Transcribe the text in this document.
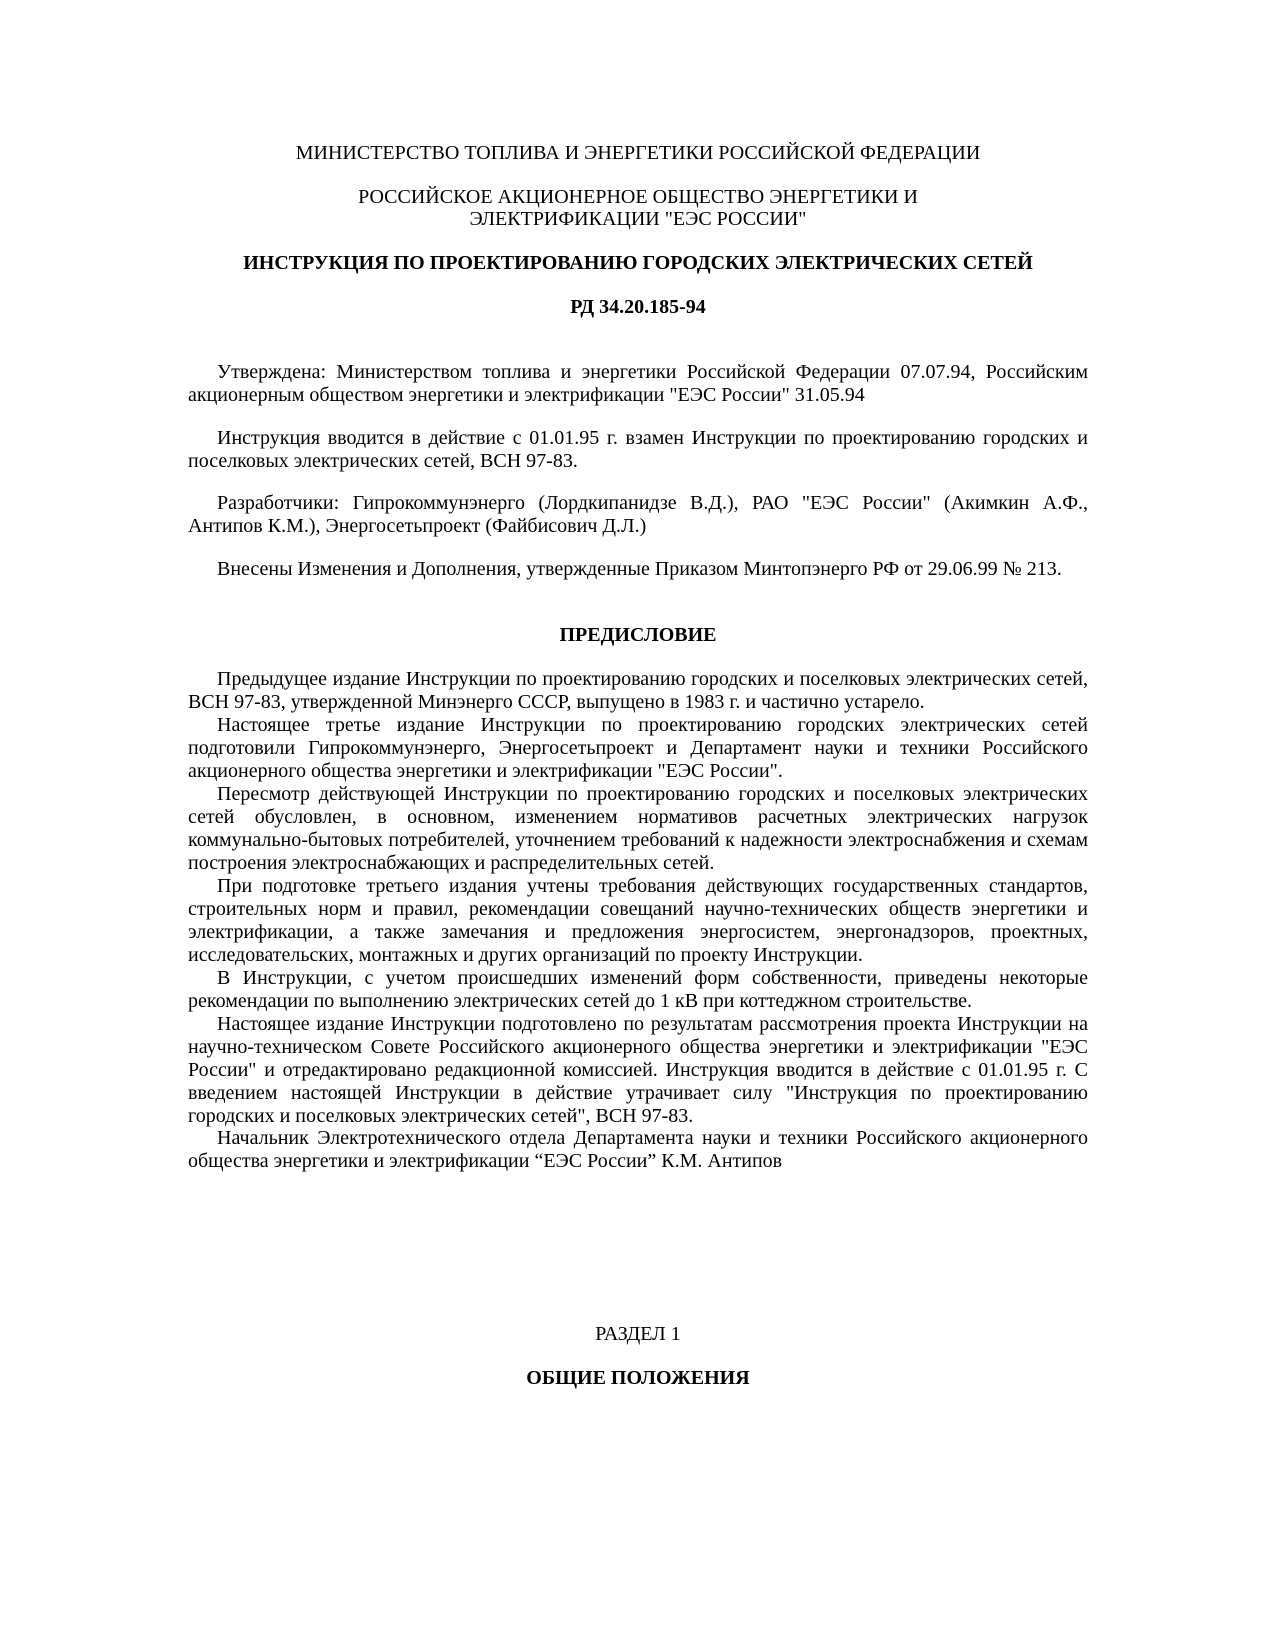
МИНИСТЕРСТВО ТОПЛИВА И ЭНЕРГЕТИКИ РОССИЙСКОЙ ФЕДЕРАЦИИ
РОССИЙСКОЕ АКЦИОНЕРНОЕ ОБЩЕСТВО ЭНЕРГЕТИКИ И
ЭЛЕКТРИФИКАЦИИ "ЕЭС РОССИИ"
ИНСТРУКЦИЯ ПО ПРОЕКТИРОВАНИЮ ГОРОДСКИХ ЭЛЕКТРИЧЕСКИХ СЕТЕЙ
РД 34.20.185-94

Утверждена: Министерством топлива и энергетики Российской Федерации 07.07.94, Российским акционерным обществом энергетики и электрификации "ЕЭС России" 31.05.94

Инструкция вводится в действие с 01.01.95 г. взамен Инструкции по проектированию городских и поселковых электрических сетей, ВСН 97-83.

Разработчики: Гипрокоммунэнерго (Лордкипанидзе В.Д.), РАО "ЕЭС России" (Акимкин А.Ф., Антипов К.М.), Энергосетьпроект (Файбисович Д.Л.)

Внесены Изменения и Дополнения, утвержденные Приказом Минтопэнерго РФ от 29.06.99 № 213.

ПРЕДИСЛОВИЕ

Предыдущее издание Инструкции по проектированию городских и поселковых электрических сетей, ВСН 97-83, утвержденной Минэнерго СССР, выпущено в 1983 г. и частично устарело.

Настоящее третье издание Инструкции по проектированию городских электрических сетей подготовили Гипрокоммунэнерго, Энергосетьпроект и Департамент науки и техники Российского акционерного общества энергетики и электрификации "ЕЭС России".

Пересмотр действующей Инструкции по проектированию городских и поселковых электрических сетей обусловлен, в основном, изменением нормативов расчетных электрических нагрузок коммунально-бытовых потребителей, уточнением требований к надежности электроснабжения и схемам построения электроснабжающих и распределительных сетей.

При подготовке третьего издания учтены требования действующих государственных стандартов, строительных норм и правил, рекомендации совещаний научно-технических обществ энергетики и электрификации, а также замечания и предложения энергосистем, энергонадзоров, проектных, исследовательских, монтажных и других организаций по проекту Инструкции.

В Инструкции, с учетом происшедших изменений форм собственности, приведены некоторые рекомендации по выполнению электрических сетей до 1 кВ при коттеджном строительстве.

Настоящее издание Инструкции подготовлено по результатам рассмотрения проекта Инструкции на научно-техническом Совете Российского акционерного общества энергетики и электрификации "ЕЭС России" и отредактировано редакционной комиссией. Инструкция вводится в действие с 01.01.95 г. С введением настоящей Инструкции в действие утрачивает силу "Инструкция по проектированию городских и поселковых электрических сетей", ВСН 97-83.

Начальник Электротехнического отдела Департамента науки и техники Российского акционерного общества энергетики и электрификации “ЕЭС России” К.М. Антипов

РАЗДЕЛ 1
ОБЩИЕ ПОЛОЖЕНИЯ
